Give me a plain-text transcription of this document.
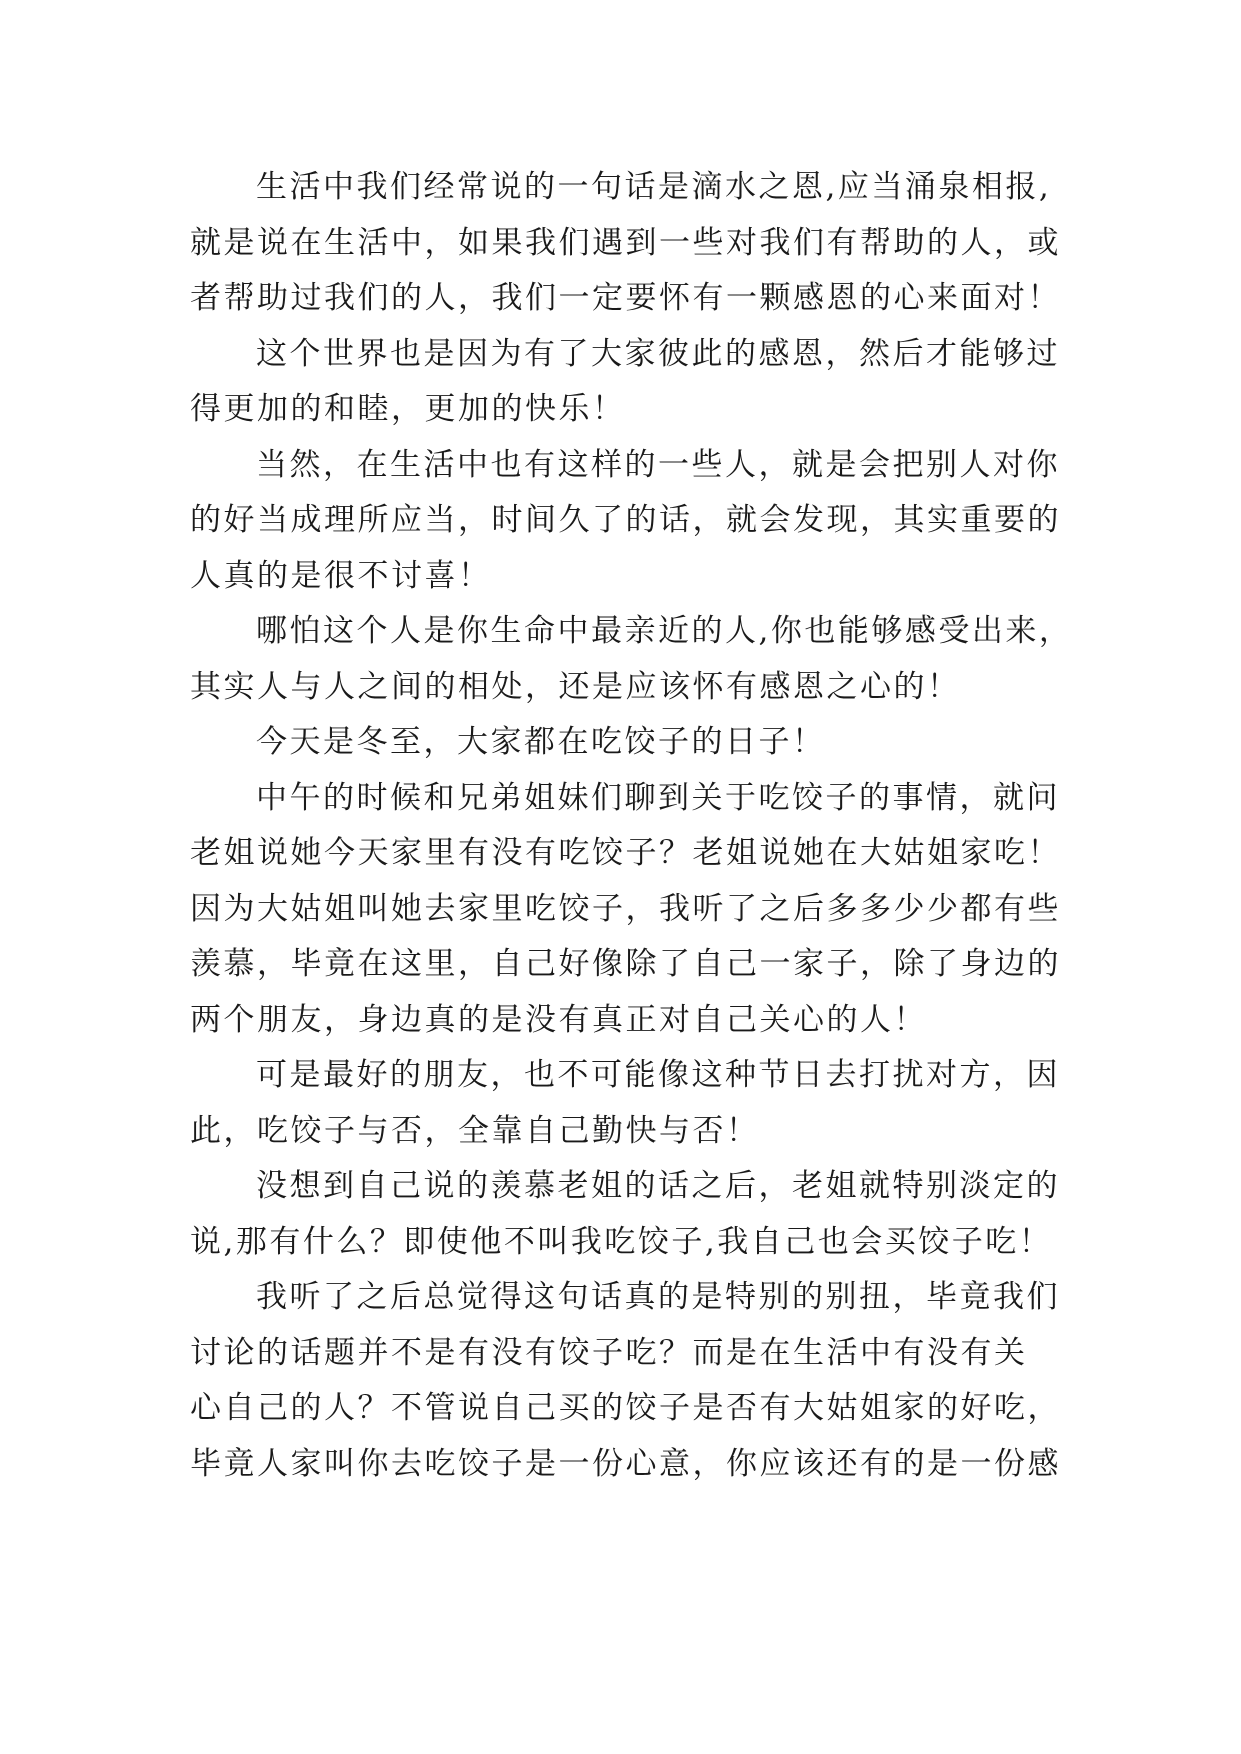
生活中我们经常说的一句话是滴水之恩,应当涌泉相报,
就是说在生活中，如果我们遇到一些对我们有帮助的人，或
者帮助过我们的人，我们一定要怀有一颗感恩的心来面对！
这个世界也是因为有了大家彼此的感恩，然后才能够过
得更加的和睦，更加的快乐！
当然，在生活中也有这样的一些人，就是会把别人对你
的好当成理所应当，时间久了的话，就会发现，其实重要的
人真的是很不讨喜！
哪怕这个人是你生命中最亲近的人,你也能够感受出来，
其实人与人之间的相处，还是应该怀有感恩之心的！
今天是冬至，大家都在吃饺子的日子！
中午的时候和兄弟姐妹们聊到关于吃饺子的事情，就问
老姐说她今天家里有没有吃饺子？老姐说她在大姑姐家吃！
因为大姑姐叫她去家里吃饺子，我听了之后多多少少都有些
羡慕，毕竟在这里，自己好像除了自己一家子，除了身边的
两个朋友，身边真的是没有真正对自己关心的人！
可是最好的朋友，也不可能像这种节日去打扰对方，因
此，吃饺子与否，全靠自己勤快与否！
没想到自己说的羡慕老姐的话之后，老姐就特别淡定的
说,那有什么？即使他不叫我吃饺子,我自己也会买饺子吃！
我听了之后总觉得这句话真的是特别的别扭，毕竟我们
讨论的话题并不是有没有饺子吃？而是在生活中有没有关
心自己的人？不管说自己买的饺子是否有大姑姐家的好吃，
毕竟人家叫你去吃饺子是一份心意，你应该还有的是一份感
